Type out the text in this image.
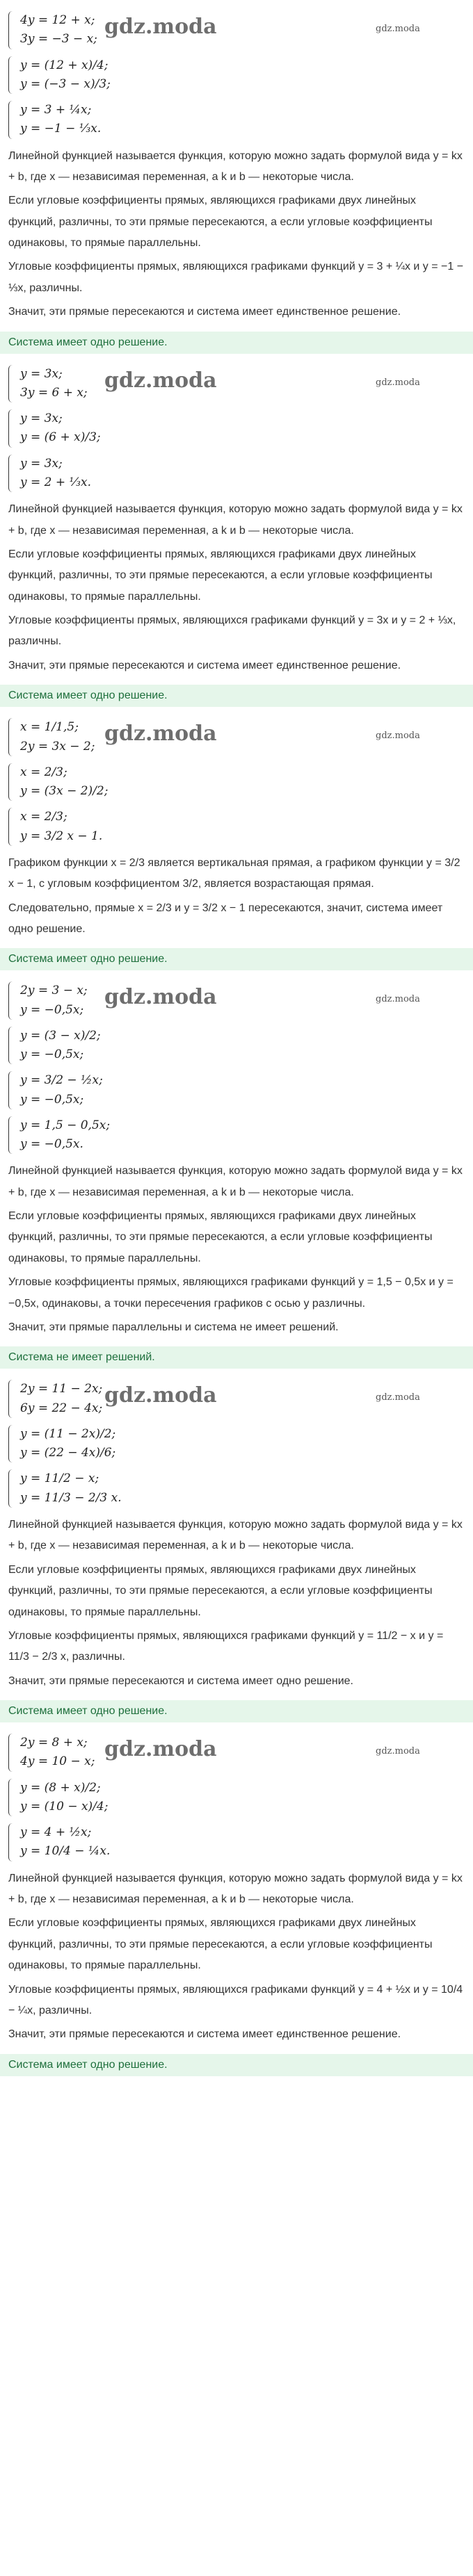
4y = 12 + x;
3y = −3 − x;
y = (12 + x)/4;
y = (−3 − x)/3;
y = 3 + ¼x;
y = −1 − ⅓x.

Линейной функцией называется функция, которую можно задать формулой вида y = kx + b, где x — независимая переменная, а k и b — некоторые числа.

Если угловые коэффициенты прямых, являющихся графиками двух линейных функций, различны, то эти прямые пересекаются, а если угловые коэффициенты одинаковы, то прямые параллельны.

Угловые коэффициенты прямых, являющихся графиками функций y = 3 + ¼x и y = −1 − ⅓x, различны.

Значит, эти прямые пересекаются и система имеет единственное решение.

gdz.moda	gdz.moda
Система имеет одно решение.
y = 3x;
3y = 6 + x;
y = 3x;
y = (6 + x)/3;
y = 3x;
y = 2 + ⅓x.

Линейной функцией называется функция, которую можно задать формулой вида y = kx + b, где x — независимая переменная, а k и b — некоторые числа.

Если угловые коэффициенты прямых, являющихся графиками двух линейных функций, различны, то эти прямые пересекаются, а если угловые коэффициенты одинаковы, то прямые параллельны.

Угловые коэффициенты прямых, являющихся графиками функций y = 3x и y = 2 + ⅓x, различны.

Значит, эти прямые пересекаются и система имеет единственное решение.

gdz.moda	gdz.moda
Система имеет одно решение.
x = 1/1,5;
2y = 3x − 2;
x = 2/3;
y = (3x − 2)/2;
x = 2/3;
y = 3/2 x − 1.

Графиком функции x = 2/3 является вертикальная прямая, а графиком функции y = 3/2 x − 1, с угловым коэффициентом 3/2, является возрастающая прямая.

Следовательно, прямые x = 2/3 и y = 3/2 x − 1 пересекаются, значит, система имеет одно решение.

gdz.moda	gdz.moda
Система имеет одно решение.
2y = 3 − x;
y = −0,5x;
y = (3 − x)/2;
y = −0,5x;
y = 3/2 − ½x;
y = −0,5x;
y = 1,5 − 0,5x;
y = −0,5x.

Линейной функцией называется функция, которую можно задать формулой вида y = kx + b, где x — независимая переменная, а k и b — некоторые числа.

Если угловые коэффициенты прямых, являющихся графиками двух линейных функций, различны, то эти прямые пересекаются, а если угловые коэффициенты одинаковы, то прямые параллельны.

Угловые коэффициенты прямых, являющихся графиками функций y = 1,5 − 0,5x и y = −0,5x, одинаковы, а точки пересечения графиков с осью y различны.

Значит, эти прямые параллельны и система не имеет решений.

gdz.moda	gdz.moda
Система не имеет решений.
2y = 11 − 2x;
6y = 22 − 4x;
y = (11 − 2x)/2;
y = (22 − 4x)/6;
y = 11/2 − x;
y = 11/3 − 2/3 x.

Линейной функцией называется функция, которую можно задать формулой вида y = kx + b, где x — независимая переменная, а k и b — некоторые числа.

Если угловые коэффициенты прямых, являющихся графиками двух линейных функций, различны, то эти прямые пересекаются, а если угловые коэффициенты одинаковы, то прямые параллельны.

Угловые коэффициенты прямых, являющихся графиками функций y = 11/2 − x и y = 11/3 − 2/3 x, различны.

Значит, эти прямые пересекаются и система имеет одно решение.

gdz.moda	gdz.moda
Система имеет одно решение.
2y = 8 + x;
4y = 10 − x;
y = (8 + x)/2;
y = (10 − x)/4;
y = 4 + ½x;
y = 10/4 − ¼x.

Линейной функцией называется функция, которую можно задать формулой вида y = kx + b, где x — независимая переменная, а k и b — некоторые числа.

Если угловые коэффициенты прямых, являющихся графиками двух линейных функций, различны, то эти прямые пересекаются, а если угловые коэффициенты одинаковы, то прямые параллельны.

Угловые коэффициенты прямых, являющихся графиками функций y = 4 + ½x и y = 10/4 − ¼x, различны.

Значит, эти прямые пересекаются и система имеет единственное решение.

gdz.moda	gdz.moda
Система имеет одно решение.
